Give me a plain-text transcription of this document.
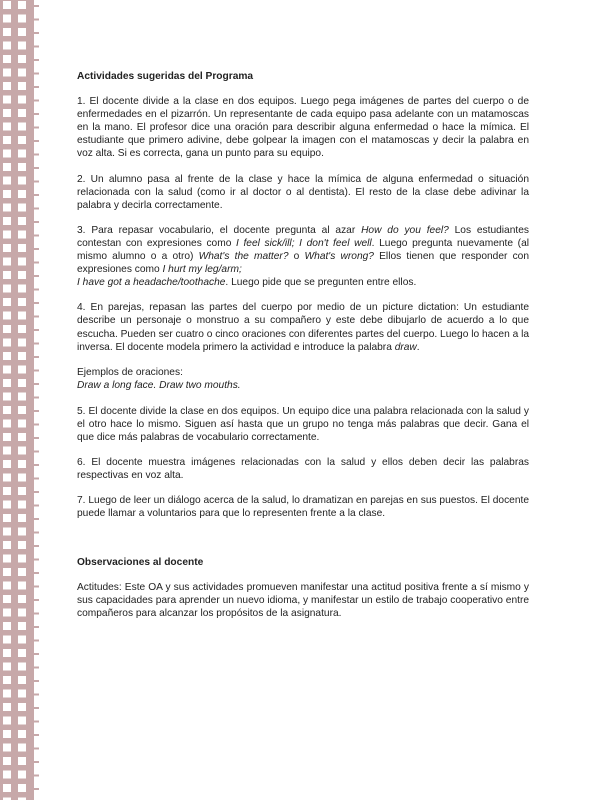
Actividades sugeridas del Programa

1. El docente divide a la clase en dos equipos. Luego pega imágenes de partes del cuerpo o de enfermedades en el pizarrón. Un representante de cada equipo pasa adelante con un matamoscas en la mano. El profesor dice una oración para describir alguna enfermedad o hace la mímica. El estudiante que primero adivine, debe golpear la imagen con el matamoscas y decir la palabra en voz alta. Si es correcta, gana un punto para su equipo.

2. Un alumno pasa al frente de la clase y hace la mímica de alguna enfermedad o situación relacionada con la salud (como ir al doctor o al dentista). El resto de la clase debe adivinar la palabra y decirla correctamente.

3. Para repasar vocabulario, el docente pregunta al azar How do you feel? Los estudiantes contestan con expresiones como I feel sick/ill; I don't feel well. Luego pregunta nuevamente (al mismo alumno o a otro) What's the matter? o What's wrong? Ellos tienen que responder con expresiones como I hurt my leg/arm;
I have got a headache/toothache. Luego pide que se pregunten entre ellos.

4. En parejas, repasan las partes del cuerpo por medio de un picture dictation: Un estudiante describe un personaje o monstruo a su compañero y este debe dibujarlo de acuerdo a lo que escucha. Pueden ser cuatro o cinco oraciones con diferentes partes del cuerpo. Luego lo hacen a la inversa. El docente modela primero la actividad e introduce la palabra draw.

Ejemplos de oraciones:
Draw a long face. Draw two mouths.

5. El docente divide la clase en dos equipos. Un equipo dice una palabra relacionada con la salud y el otro hace lo mismo. Siguen así hasta que un grupo no tenga más palabras que decir. Gana el que dice más palabras de vocabulario correctamente.

6. El docente muestra imágenes relacionadas con la salud y ellos deben decir las palabras respectivas en voz alta.

7. Luego de leer un diálogo acerca de la salud, lo dramatizan en parejas en sus puestos. El docente puede llamar a voluntarios para que lo representen frente a la clase.

Observaciones al docente

Actitudes: Este OA y sus actividades promueven manifestar una actitud positiva frente a sí mismo y sus capacidades para aprender un nuevo idioma, y manifestar un estilo de trabajo cooperativo entre compañeros para alcanzar los propósitos de la asignatura.
